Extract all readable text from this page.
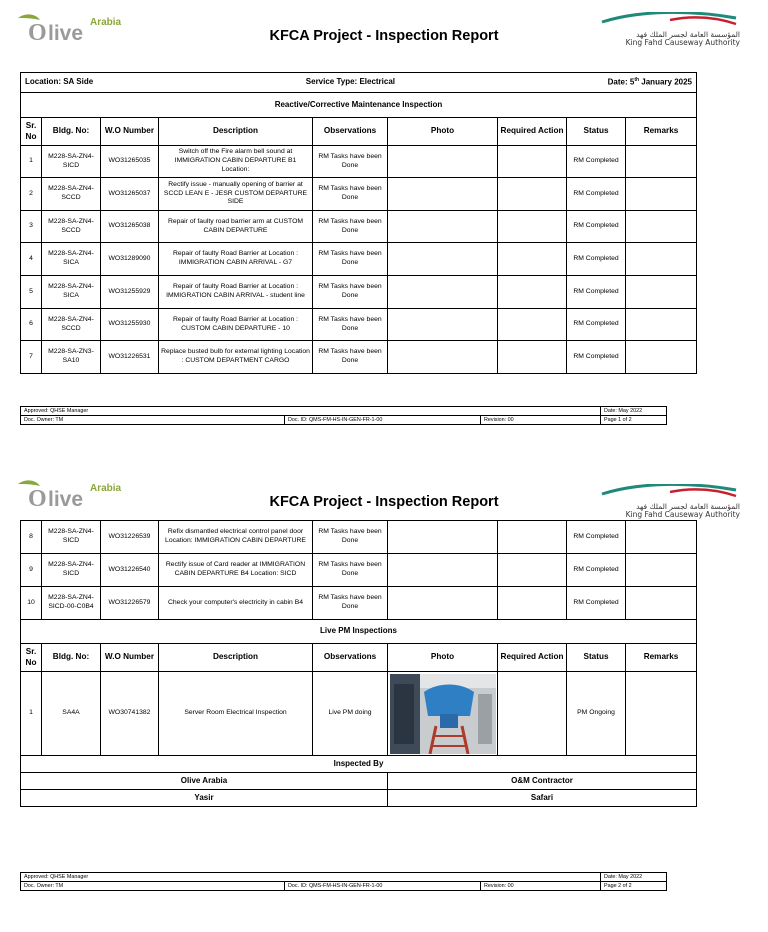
O live Arabia
المؤسسة العامة لجسر الملك فهد
King Fahd Causeway Authority
KFCA Project - Inspection Report
Location: SA Side Service Type: Electrical Date: 5th January 2025								

Reactive/Corrective Maintenance Inspection								
Sr. No	Bldg. No:	W.O Number	Description	Observations	Photo	Required Action	Status	Remarks
1	M228-SA-ZN4-SICD	WO31265035	Switch off the Fire alarm bell sound at IMMIGRATION CABIN DEPARTURE B1 Location:	RM Tasks have been Done			RM Completed	
2	M228-SA-ZN4-SCCD	WO31265037	Rectify issue - manually opening of barrier at SCCD LEAN E - JESR CUSTOM DEPARTURE SIDE	RM Tasks have been Done			RM Completed	
3	M228-SA-ZN4-SCCD	WO31265038	Repair of faulty road barrier arm at CUSTOM CABIN DEPARTURE	RM Tasks have been Done			RM Completed	
4	M228-SA-ZN4-SICA	WO31289090	Repair of faulty Road Barrier at Location : IMMIGRATION CABIN ARRIVAL - G7	RM Tasks have been Done			RM Completed	
5	M228-SA-ZN4-SICA	WO31255929	Repair of faulty Road Barrier at Location : IMMIGRATION CABIN ARRIVAL - student line	RM Tasks have been Done			RM Completed	
6	M228-SA-ZN4-SCCD	WO31255930	Repair of faulty Road Barrier at Location : CUSTOM CABIN DEPARTURE - 10	RM Tasks have been Done			RM Completed	
7	M228-SA-ZN3-SA10	WO31226531	Replace busted bulb for external lighting Location : CUSTOM DEPARTMENT CARGO	RM Tasks have been Done			RM Completed	
Approved: QHSE Manager			Date: May 2022
Doc. Owner: TM	Doc. ID: QMS-FM-HS-IN-GEN-FR-1-00	Revision: 00	Page 1 of 2
O live Arabia
المؤسسة العامة لجسر الملك فهد
King Fahd Causeway Authority
KFCA Project - Inspection Report
8	M228-SA-ZN4-SICD	WO31226539	Refix dismantled electrical control panel door Location: IMMIGRATION CABIN DEPARTURE	RM Tasks have been Done			RM Completed	
9	M228-SA-ZN4-SICD	WO31226540	Rectify issue of Card reader at IMMIGRATION CABIN DEPARTURE B4 Location: SICD	RM Tasks have been Done			RM Completed	
10	M228-SA-ZN4-SICD-00-C0B4	WO31226579	Check your computer's electricity in cabin B4	RM Tasks have been Done			RM Completed	
Live PM Inspections								
Sr. No	Bldg. No:	W.O Number	Description	Observations	Photo	Required Action	Status	Remarks
1	SA4A	WO30741382	Server Room Electrical Inspection	Live PM doing			PM Ongoing	
Inspected By								
Olive Arabia					O&M Contractor			
Yasir					Safari			
Approved: QHSE Manager			Date: May 2022
Doc. Owner: TM	Doc. ID: QMS-FM-HS-IN-GEN-FR-1-00	Revision: 00	Page 2 of 2
